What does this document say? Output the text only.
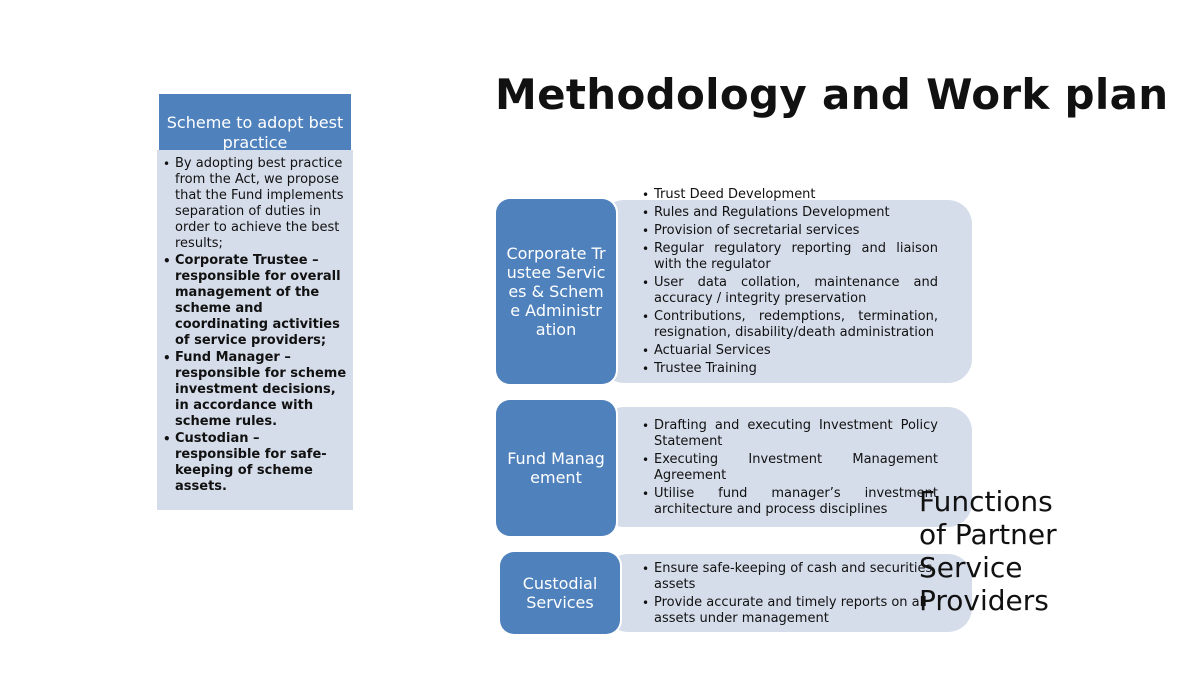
Methodology and Work plan
Scheme to adopt best practice
• By adopting best practice from the Act, we propose that the Fund implements separation of duties in order to achieve the best results;
• Corporate Trustee – responsible for overall management of the scheme and coordinating activities of service providers;
• Fund Manager – responsible for scheme investment decisions, in accordance with scheme rules.
• Custodian – responsible for safe-keeping of scheme assets.
Corporate Trustee Services & Scheme Administration
• Trust Deed Development
• Rules and Regulations Development
• Provision of secretarial services
• Regular regulatory reporting and liaison with the regulator
• User data collation, maintenance and accuracy / integrity preservation
• Contributions, redemptions, termination, resignation, disability/death administration
• Actuarial Services
• Trustee Training
Fund Management
• Drafting and executing Investment Policy Statement
• Executing Investment Management Agreement
• Utilise fund manager’s investment architecture and process disciplines
Custodial Services
• Ensure safe-keeping of cash and securities assets
• Provide accurate and timely reports on all assets under management
Functions of Partner Service Providers
